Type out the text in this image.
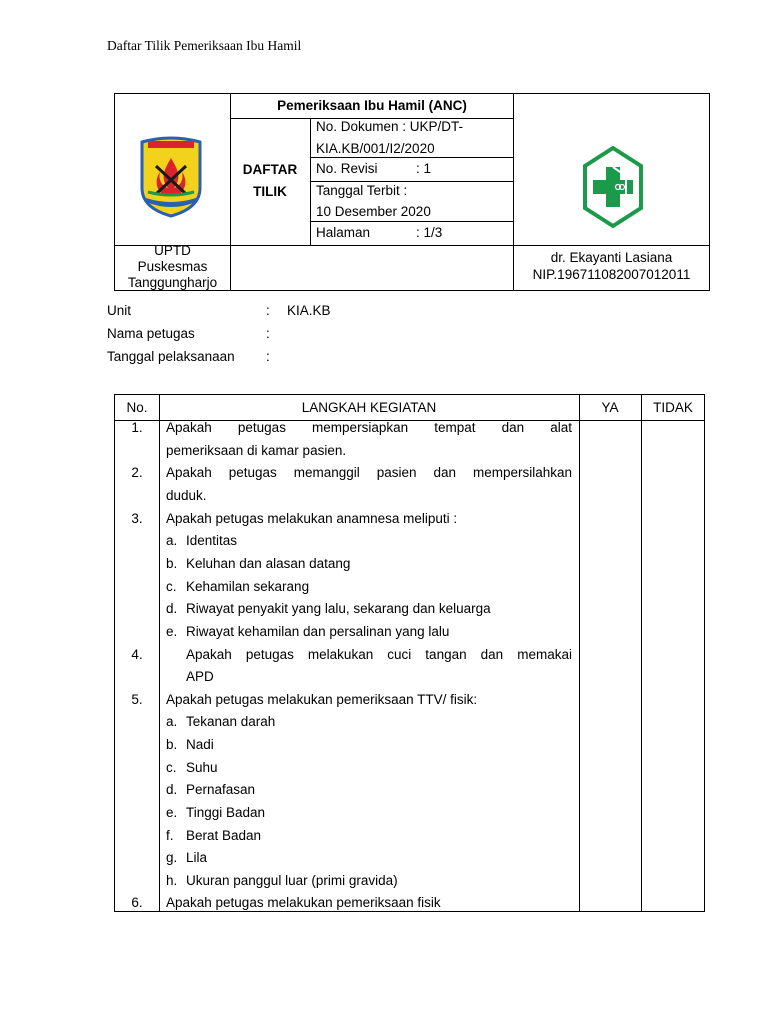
Daftar Tilik Pemeriksaan Ibu Hamil
Pemeriksaan Ibu Hamil (ANC)
DAFTAR
TILIK
No. Dokumen : UKP/DT-
KIA.KB/001/I2/2020
No. Revisi	: 1
Tanggal Terbit :
10 Desember 2020
Halaman	: 1/3
UPTD
Puskesmas
Tanggungharjo
dr. Ekayanti Lasiana
NIP.196711082007012011
Unit	: KIA.KB
Nama petugas	:
Tanggal pelaksanaan :
No.	LANGKAH KEGIATAN	YA	TIDAK
1.	Apakah petugas mempersiapkan tempat dan alat
pemeriksaan di kamar pasien.
2.	Apakah petugas memanggil pasien dan mempersilahkan
duduk.
3.	Apakah petugas melakukan anamnesa meliputi :
a. Identitas
b. Keluhan dan alasan datang
c. Kehamilan sekarang
d. Riwayat penyakit yang lalu, sekarang dan keluarga
e. Riwayat kehamilan dan persalinan yang lalu
4.	Apakah petugas melakukan cuci tangan dan memakai
APD
5.	Apakah petugas melakukan pemeriksaan TTV/ fisik:
a. Tekanan darah
b. Nadi
c. Suhu
d. Pernafasan
e. Tinggi Badan
f. Berat Badan
g. Lila
h. Ukuran panggul luar (primi gravida)
6.	Apakah petugas melakukan pemeriksaan fisik
